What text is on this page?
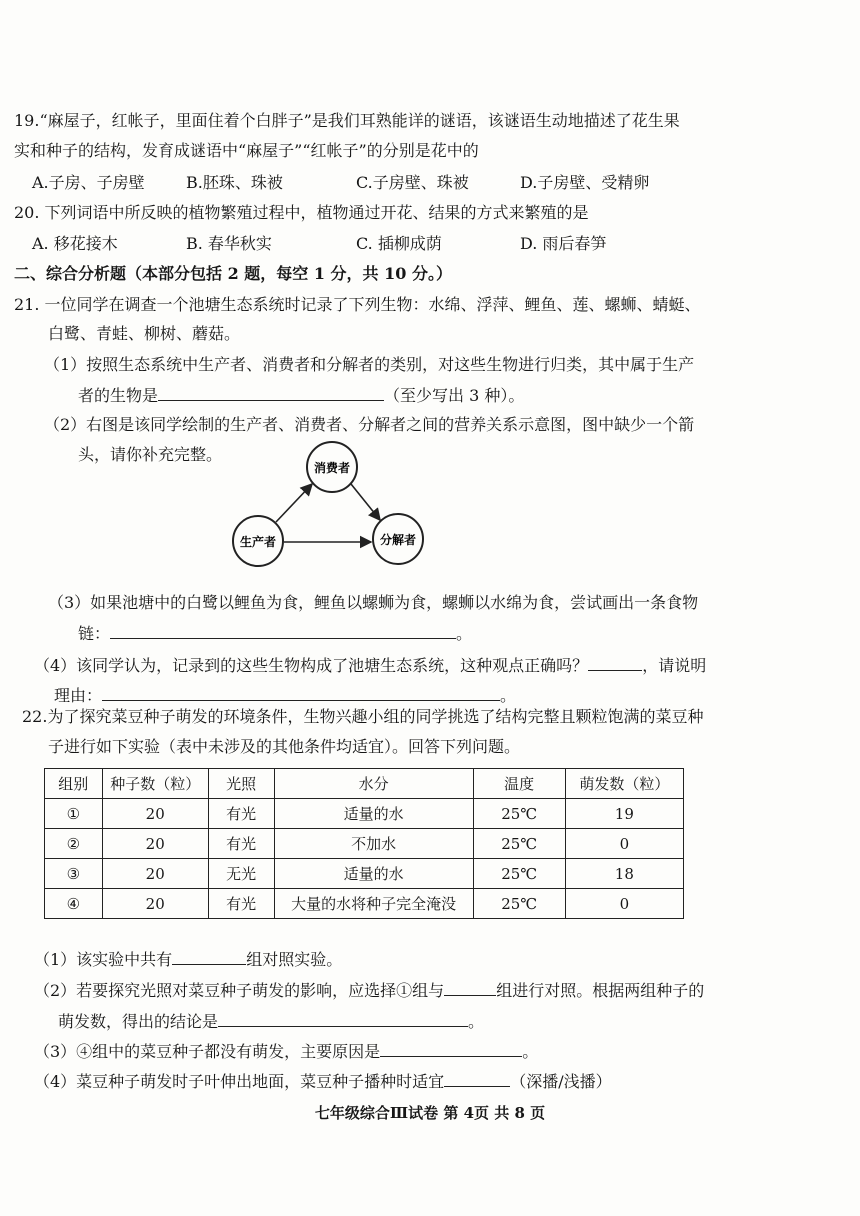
19.“麻屋子，红帐子，里面住着个白胖子”是我们耳熟能详的谜语，该谜语生动地描述了花生果
实和种子的结构，发育成谜语中“麻屋子”“红帐子”的分别是花中的
A.子房、子房壁	B.胚珠、珠被	C.子房壁、珠被	D.子房壁、受精卵
20. 下列词语中所反映的植物繁殖过程中，植物通过开花、结果的方式来繁殖的是
A. 移花接木	B. 春华秋实	C. 插柳成荫	D. 雨后春笋
二、综合分析题（本部分包括 2 题，每空 1 分，共 10 分。）
21. 一位同学在调查一个池塘生态系统时记录了下列生物：水绵、浮萍、鲤鱼、莲、螺蛳、蜻蜓、
白鹭、青蛙、柳树、蘑菇。
（1）按照生态系统中生产者、消费者和分解者的类别，对这些生物进行归类，其中属于生产
者的生物是	（至少写出 3 种）。
（2）右图是该同学绘制的生产者、消费者、分解者之间的营养关系示意图，图中缺少一个箭
头，请你补充完整。
消费者
生产者	分解者
（3）如果池塘中的白鹭以鲤鱼为食，鲤鱼以螺蛳为食，螺蛳以水绵为食，尝试画出一条食物
链：	。
（4）该同学认为，记录到的这些生物构成了池塘生态系统，这种观点正确吗？	，请说明
理由：	。
22.为了探究菜豆种子萌发的环境条件，生物兴趣小组的同学挑选了结构完整且颗粒饱满的菜豆种
子进行如下实验（表中未涉及的其他条件均适宜）。回答下列问题。
组别	种子数（粒）	光照	水分	温度	萌发数（粒）
①	20	有光	适量的水	25℃	19
②	20	有光	不加水	25℃	0
③	20	无光	适量的水	25℃	18
④	20	有光	大量的水将种子完全淹没	25℃	0
（1）该实验中共有	组对照实验。
（2）若要探究光照对菜豆种子萌发的影响，应选择①组与	组进行对照。根据两组种子的
萌发数，得出的结论是	。
（3）④组中的菜豆种子都没有萌发，主要原因是	。
（4）菜豆种子萌发时子叶伸出地面，菜豆种子播种时适宜	（深播/浅播）
七年级综合Ⅲ试卷 第 4页 共 8 页
